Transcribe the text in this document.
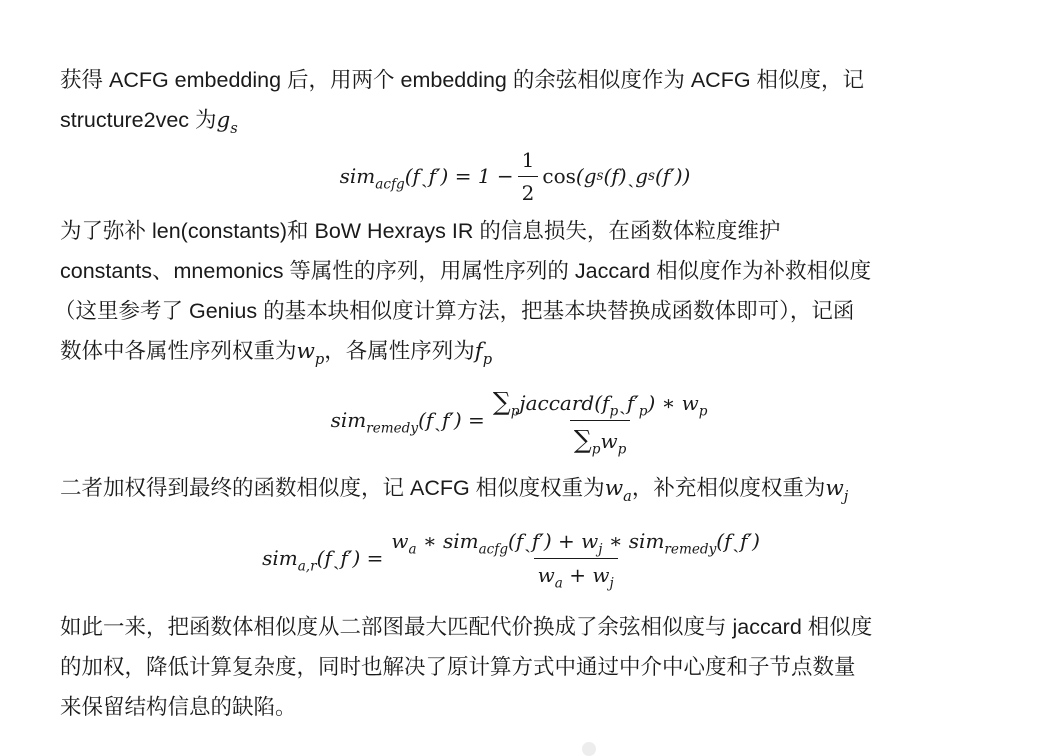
获得 ACFG embedding 后，用两个 embedding 的余弦相似度作为 ACFG 相似度，记
structure2vec 为$g_s$

sim$_{acfg}$ (f ˏ $f') = 1 - \frac{1}{2}$ cos (g s (f) ˏ g s (f′))

为了弥补 len(constants)和 BoW Hexrays IR 的信息损失，在函数体粒度维护
constants、mnemonics 等属性的序列，用属性序列的 Jaccard 相似度作为补救相似度
（这里参考了 Genius 的基本块相似度计算方法，把基本块替换成函数体即可），记函
数体中各属性序列权重为$w_p$，各属性序列为$f_p$

sim$_{remedy}$ (f ˏ $f') = \frac{\sum_pjaccard(f_pˏf'_p) ∗ w_p}{\sum_pw_p}$

二者加权得到最终的函数相似度，记 ACFG 相似度权重为$w_a$，补充相似度权重为$w_j$

sim$_{a,r}$ (f ˏ $f') = \frac{w_a ∗ sim_{acfg}(fˏf') + w_j ∗ sim_{remedy}(fˏf')}{w_a + w_j}$

如此一来，把函数体相似度从二部图最大匹配代价换成了余弦相似度与 jaccard 相似度
的加权，降低计算复杂度，同时也解决了原计算方式中通过中介中心度和子节点数量
来保留结构信息的缺陷。
